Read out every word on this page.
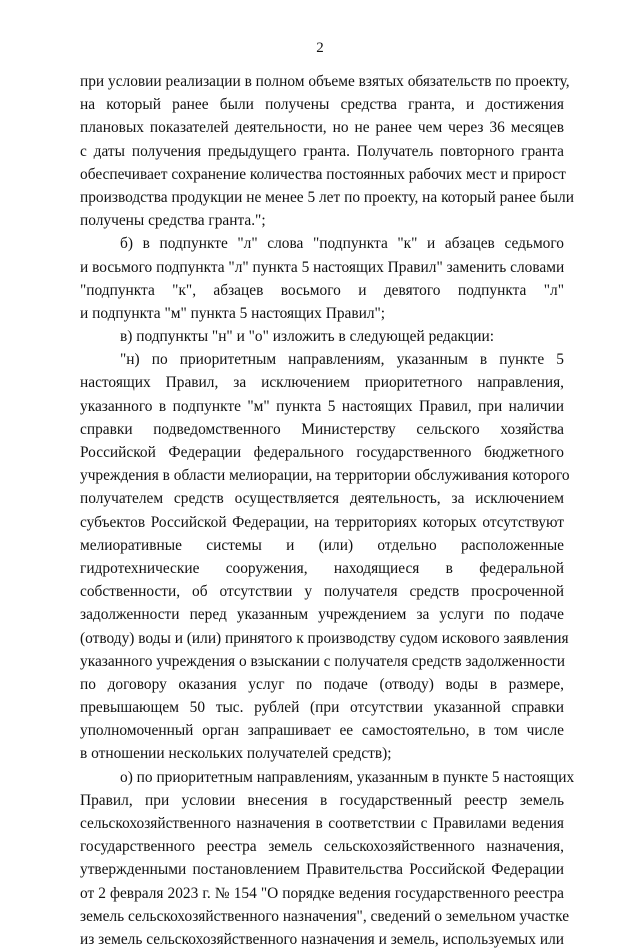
2
при условии реализации в полном объеме взятых обязательств по проекту,
на который ранее были получены средства гранта, и достижения
плановых показателей деятельности, но не ранее чем через 36 месяцев
с даты получения предыдущего гранта. Получатель повторного гранта
обеспечивает сохранение количества постоянных рабочих мест и прирост
производства продукции не менее 5 лет по проекту, на который ранее были
получены средства гранта.";
б) в подпункте "л" слова "подпункта "к" и абзацев седьмого
и восьмого подпункта "л" пункта 5 настоящих Правил" заменить словами
"подпункта "к", абзацев восьмого и девятого подпункта "л"
и подпункта "м" пункта 5 настоящих Правил";
в) подпункты "н" и "о" изложить в следующей редакции:
"н) по приоритетным направлениям, указанным в пункте 5
настоящих Правил, за исключением приоритетного направления,
указанного в подпункте "м" пункта 5 настоящих Правил, при наличии
справки подведомственного Министерству сельского хозяйства
Российской Федерации федерального государственного бюджетного
учреждения в области мелиорации, на территории обслуживания которого
получателем средств осуществляется деятельность, за исключением
субъектов Российской Федерации, на территориях которых отсутствуют
мелиоративные системы и (или) отдельно расположенные
гидротехнические сооружения, находящиеся в федеральной
собственности, об отсутствии у получателя средств просроченной
задолженности перед указанным учреждением за услуги по подаче
(отводу) воды и (или) принятого к производству судом искового заявления
указанного учреждения о взыскании с получателя средств задолженности
по договору оказания услуг по подаче (отводу) воды в размере,
превышающем 50 тыс. рублей (при отсутствии указанной справки
уполномоченный орган запрашивает ее самостоятельно, в том числе
в отношении нескольких получателей средств);
о) по приоритетным направлениям, указанным в пункте 5 настоящих
Правил, при условии внесения в государственный реестр земель
сельскохозяйственного назначения в соответствии с Правилами ведения
государственного реестра земель сельскохозяйственного назначения,
утвержденными постановлением Правительства Российской Федерации
от 2 февраля 2023 г. № 154 "О порядке ведения государственного реестра
земель сельскохозяйственного назначения", сведений о земельном участке
из земель сельскохозяйственного назначения и земель, используемых или
